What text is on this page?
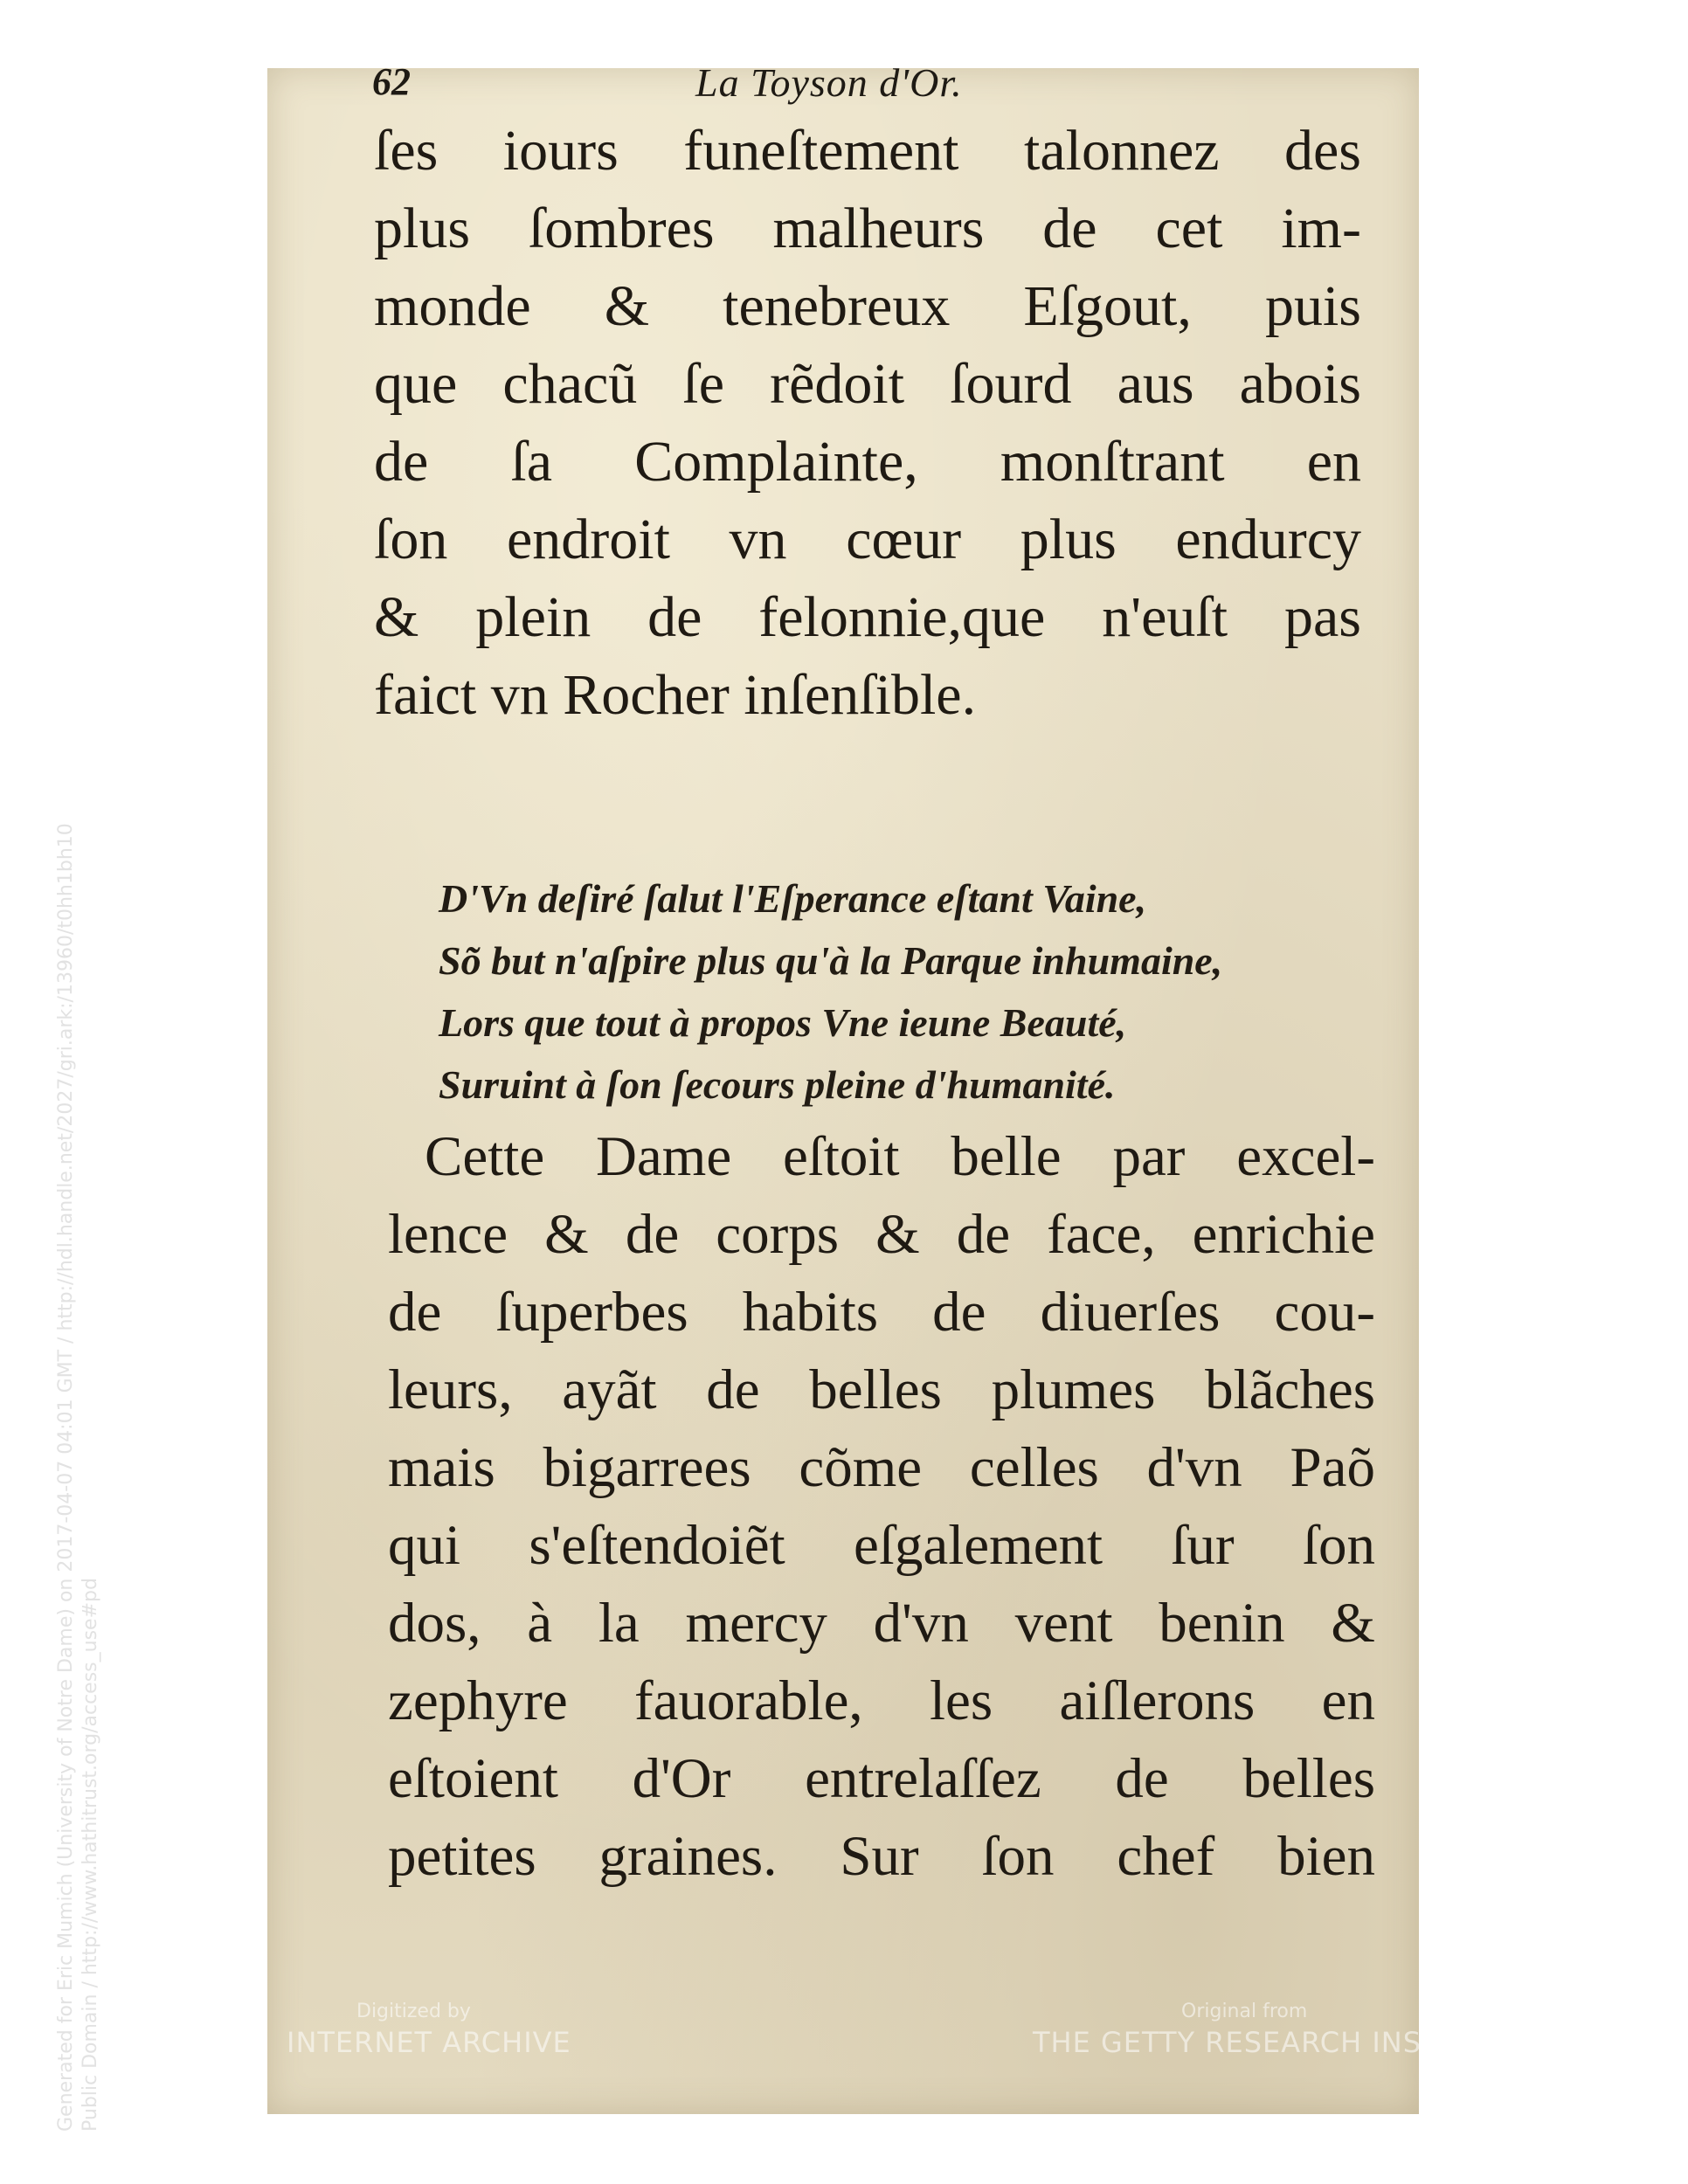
62	La Toyson d'Or.
ſes iours funeſtement talonnez des
plus ſombres malheurs de cet im-
monde & tenebreux Eſgout, puis
que chacũ ſe rẽdoit ſourd aus abois
de ſa Complainte, monſtrant en
ſon endroit vn cœur plus endurcy
& plein de felonnie,que n'euſt pas
faict vn Rocher inſenſible.
D'Vn deſiré ſalut l'Eſperance eſtant Vaine,
Sõ but n'aſpire plus qu'à la Parque inhumaine,
Lors que tout à propos Vne ieune Beauté,
Suruint à ſon ſecours pleine d'humanité.
Cette Dame eſtoit belle par excel-
lence & de corps & de face, enrichie
de ſuperbes habits de diuerſes cou-
leurs, ayãt de belles plumes blãches
mais bigarrees cõme celles d'vn Paõ
qui s'eſtendoiẽt eſgalement ſur ſon
dos, à la mercy d'vn vent benin &
zephyre fauorable, les aiſlerons en
eſtoient d'Or entrelaſſez de belles
petites graines. Sur ſon chef bien
Generated for Eric Mumich (University of Notre Dame) on 2017-04-07 04:01 GMT / http://hdl.handle.net/2027/gri.ark:/13960/t0hh1bh10 Public Domain / http://www.hathitrust.org/access_use#pd	Digitized by
INTERNET ARCHIVE
Original from
THE GETTY RESEARCH INSTITUTE
